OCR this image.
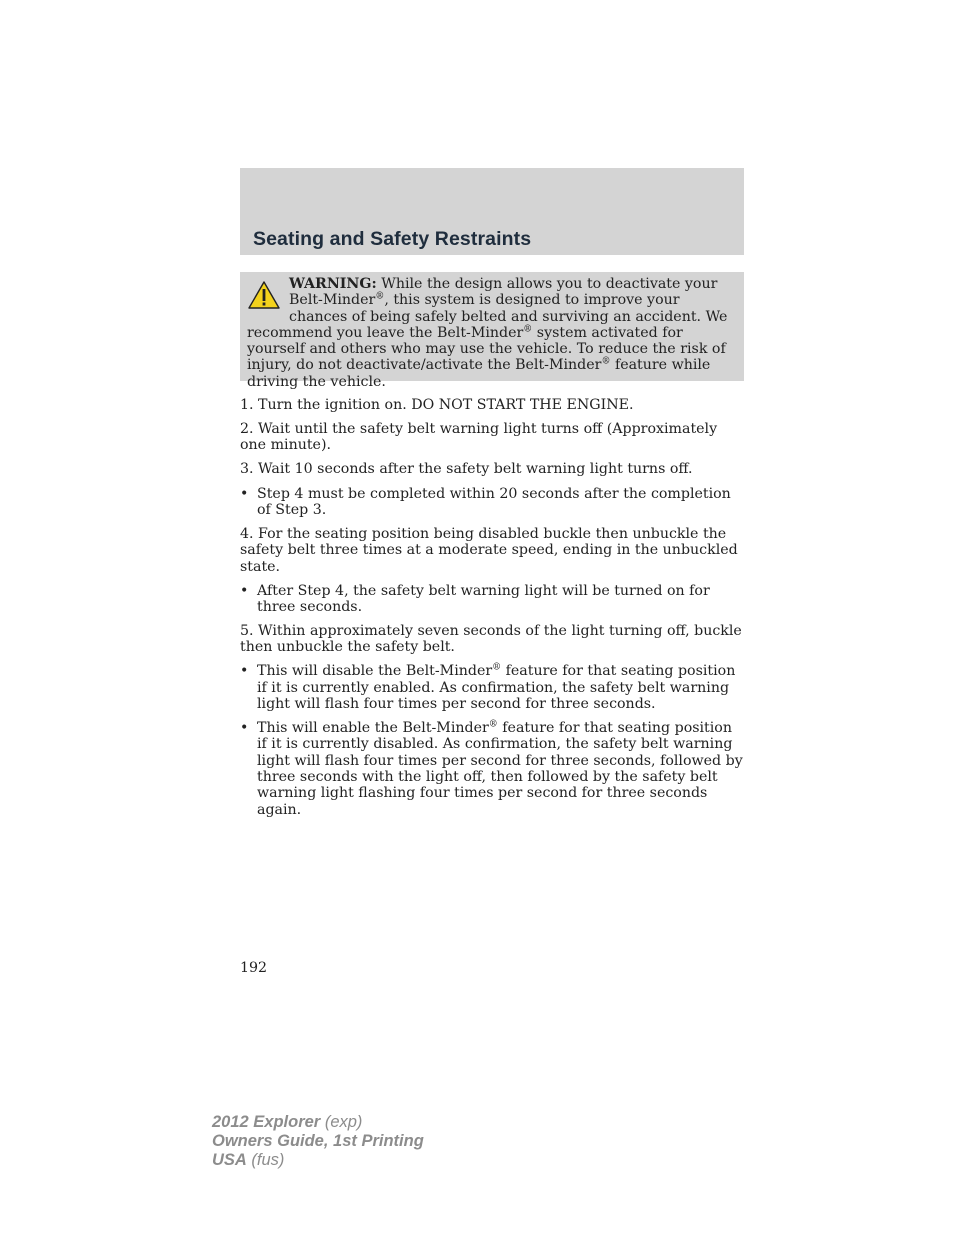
Seating and Safety Restraints
WARNING: While the design allows you to deactivate your Belt-Minder®, this system is designed to improve your chances of being safely belted and surviving an accident. We recommend you leave the Belt-Minder® system activated for yourself and others who may use the vehicle. To reduce the risk of injury, do not deactivate/activate the Belt-Minder® feature while driving the vehicle.

1. Turn the ignition on. DO NOT START THE ENGINE.

2. Wait until the safety belt warning light turns off (Approximately one minute).

3. Wait 10 seconds after the safety belt warning light turns off.

• Step 4 must be completed within 20 seconds after the completion of Step 3.

4. For the seating position being disabled buckle then unbuckle the safety belt three times at a moderate speed, ending in the unbuckled state.

• After Step 4, the safety belt warning light will be turned on for three seconds.

5. Within approximately seven seconds of the light turning off, buckle then unbuckle the safety belt.

• This will disable the Belt-Minder® feature for that seating position if it is currently enabled. As confirmation, the safety belt warning light will flash four times per second for three seconds.
• This will enable the Belt-Minder® feature for that seating position if it is currently disabled. As confirmation, the safety belt warning light will flash four times per second for three seconds, followed by three seconds with the light off, then followed by the safety belt warning light flashing four times per second for three seconds again.
192
2012 Explorer (exp)
Owners Guide, 1st Printing
USA (fus)
